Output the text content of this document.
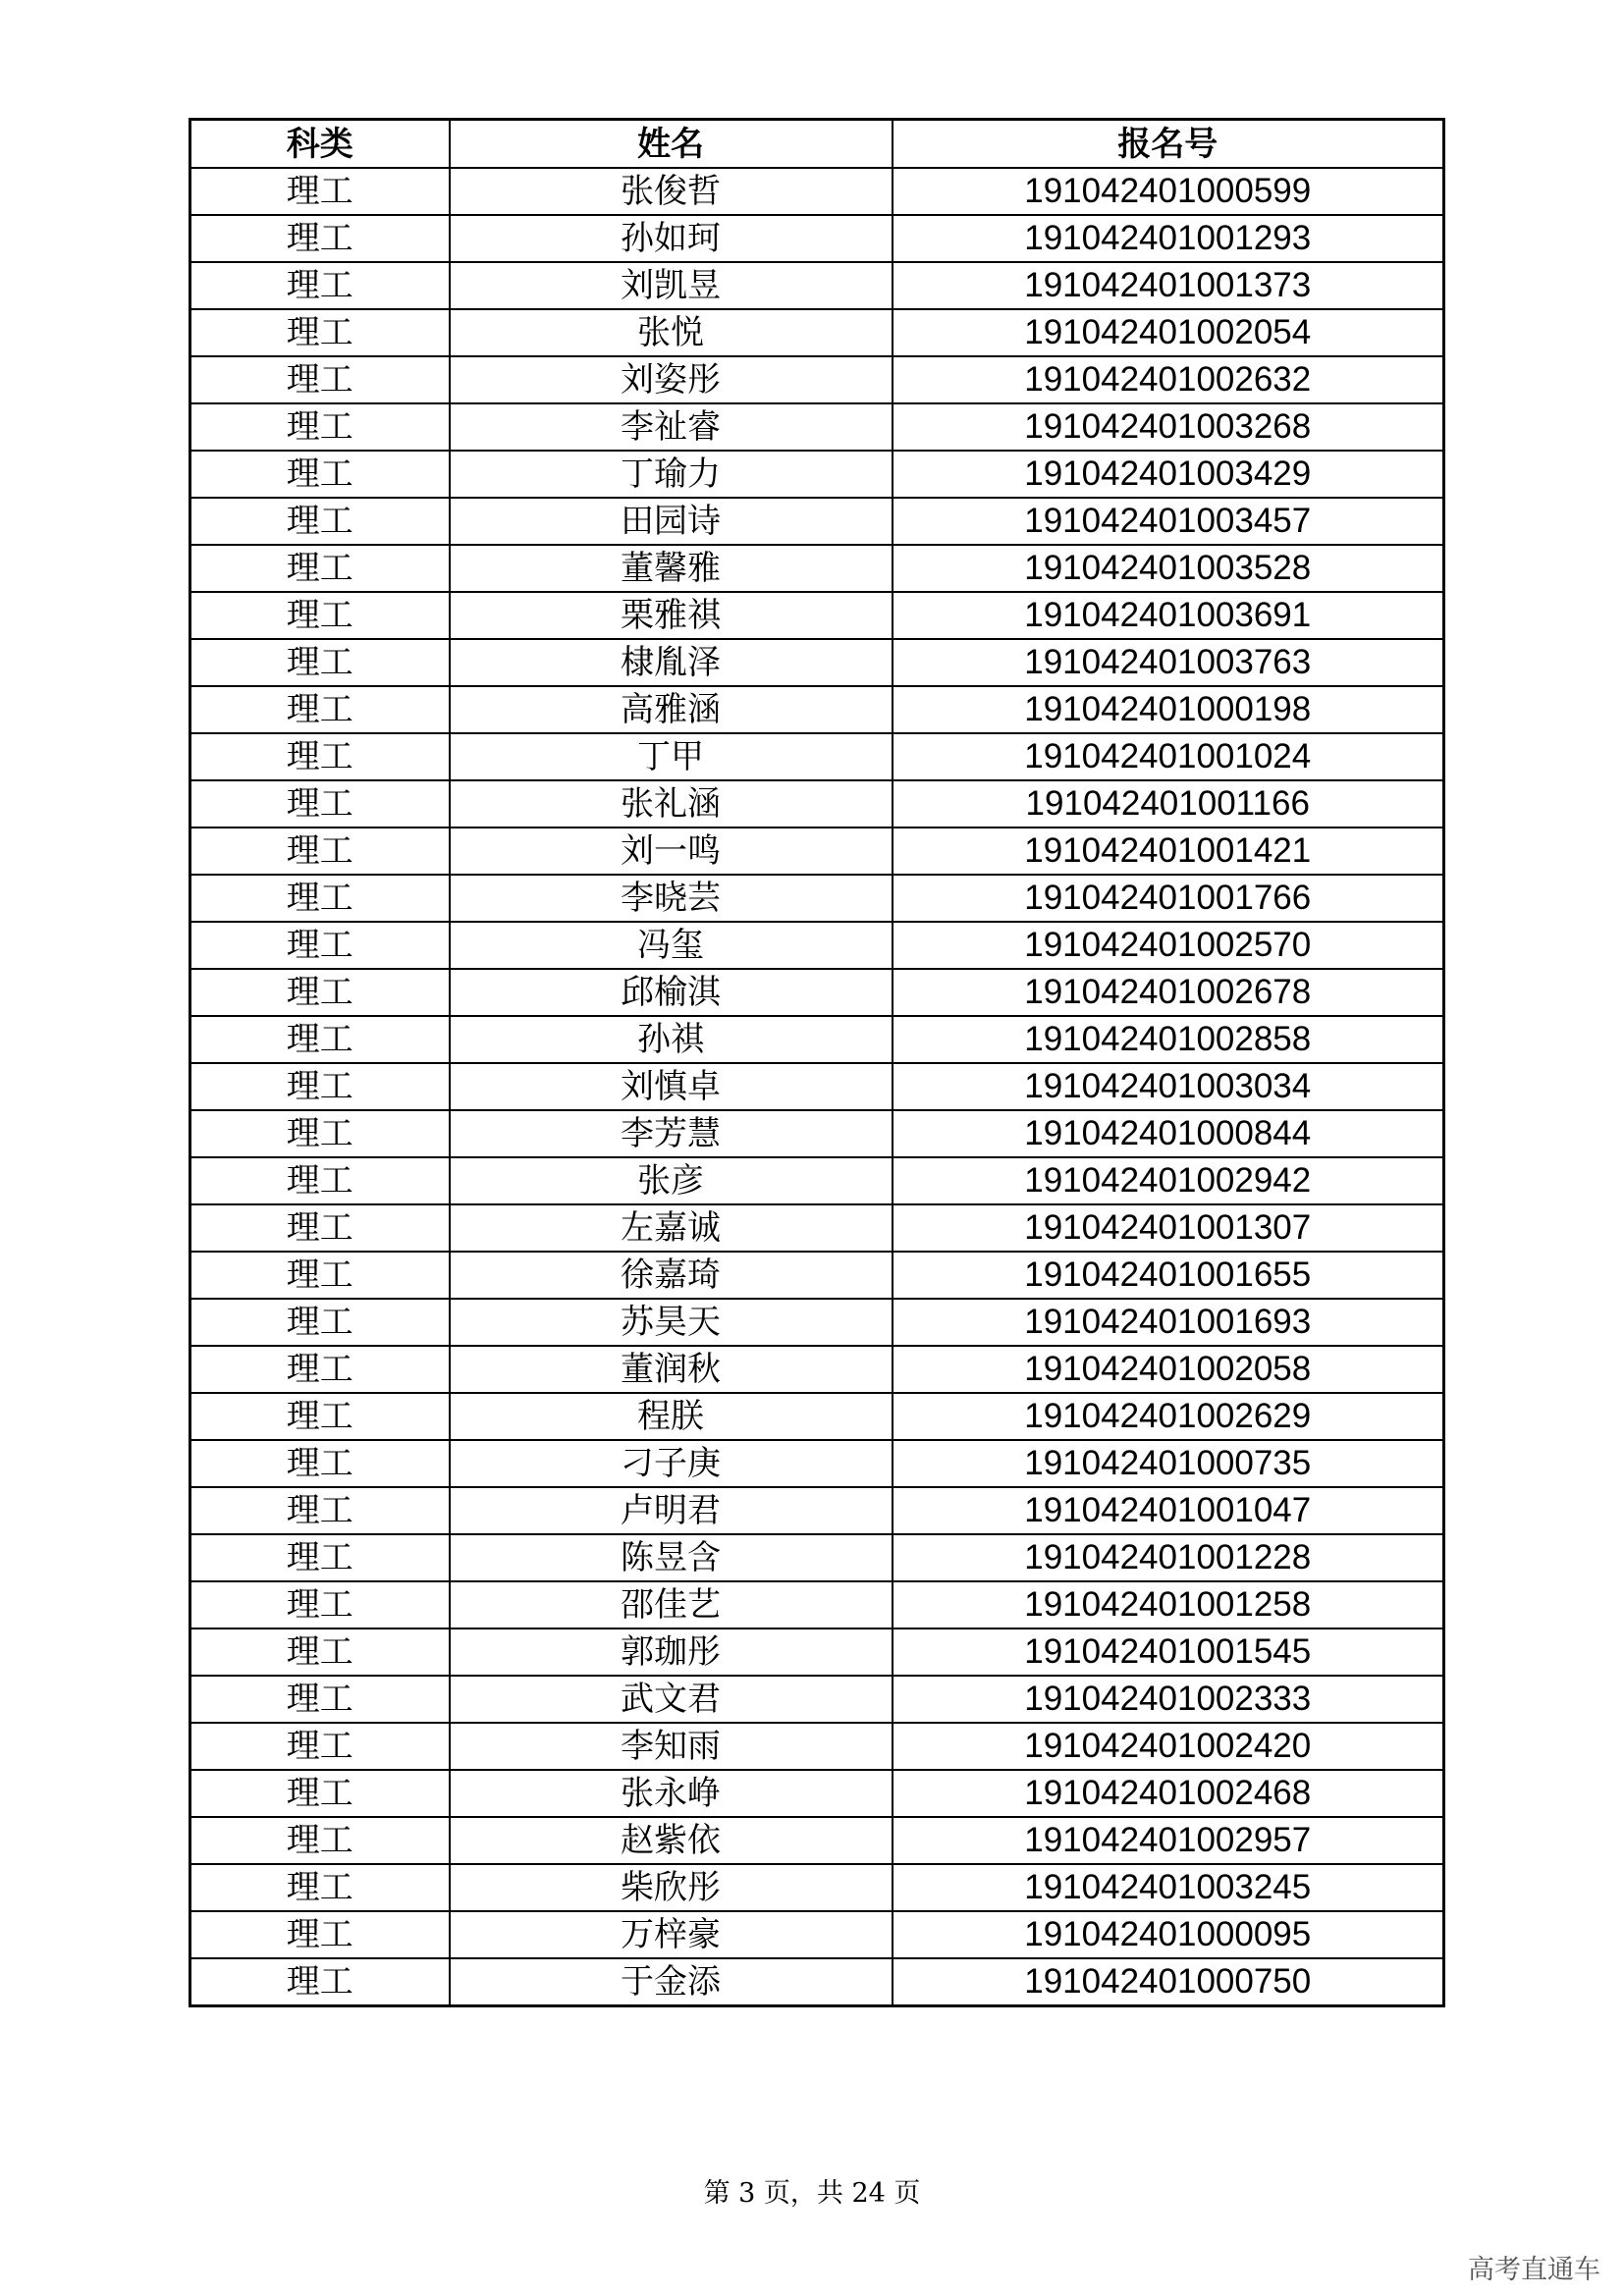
科类	姓名	报名号
理工	张俊哲	191042401000599
理工	孙如珂	191042401001293
理工	刘凯昱	191042401001373
理工	张悦	191042401002054
理工	刘姿彤	191042401002632
理工	李祉睿	191042401003268
理工	丁瑜力	191042401003429
理工	田园诗	191042401003457
理工	董馨雅	191042401003528
理工	栗雅祺	191042401003691
理工	棣胤泽	191042401003763
理工	高雅涵	191042401000198
理工	丁甲	191042401001024
理工	张礼涵	191042401001166
理工	刘一鸣	191042401001421
理工	李晓芸	191042401001766
理工	冯玺	191042401002570
理工	邱榆淇	191042401002678
理工	孙祺	191042401002858
理工	刘慎卓	191042401003034
理工	李芳慧	191042401000844
理工	张彦	191042401002942
理工	左嘉诚	191042401001307
理工	徐嘉琦	191042401001655
理工	苏昊天	191042401001693
理工	董润秋	191042401002058
理工	程朕	191042401002629
理工	刁子庚	191042401000735
理工	卢明君	191042401001047
理工	陈昱含	191042401001228
理工	邵佳艺	191042401001258
理工	郭珈彤	191042401001545
理工	武文君	191042401002333
理工	李知雨	191042401002420
理工	张永峥	191042401002468
理工	赵紫依	191042401002957
理工	柴欣彤	191042401003245
理工	万梓豪	191042401000095
理工	于金添	191042401000750
第 3 页，共 24 页
高考直通车
